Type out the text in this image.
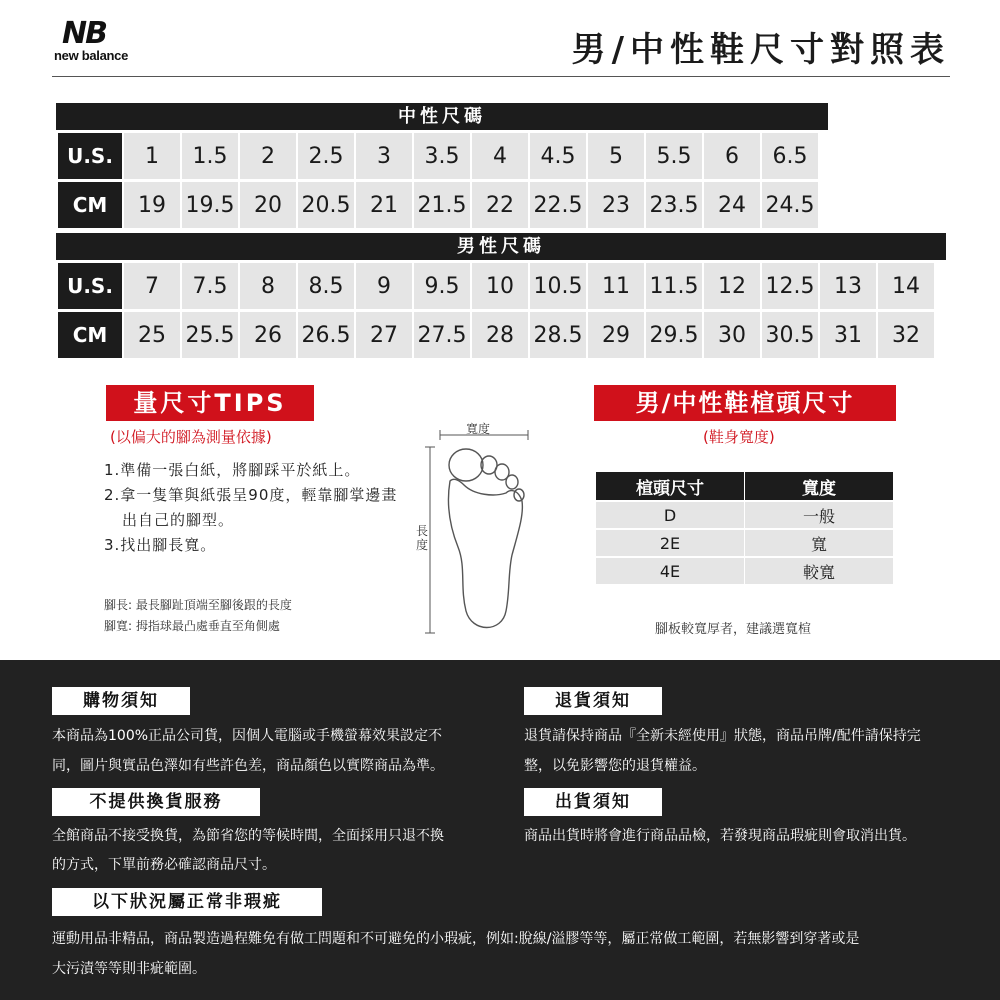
NB
new balance	男/中性鞋尺寸對照表
中性尺碼
U.S.	1	1.5	2	2.5	3	3.5	4	4.5	5	5.5	6	6.5
CM	19	19.5	20	20.5	21	21.5	22	22.5	23	23.5	24	24.5
男性尺碼
U.S.	7	7.5	8	8.5	9	9.5	10	10.5	11	11.5	12	12.5	13	14
CM	25	25.5	26	26.5	27	27.5	28	28.5	29	29.5	30	30.5	31	32
量尺寸TIPS
(以偏大的腳為測量依據)
1.準備一張白紙，將腳踩平於紙上。
2.拿一隻筆與紙張呈90度，輕靠腳掌邊畫出自己的腳型。
3.找出腳長寬。
腳長: 最長腳趾頂端至腳後跟的長度
腳寬: 拇指球最凸處垂直至角側處
寬度
長度
男/中性鞋楦頭尺寸
(鞋身寬度)
楦頭尺寸	寬度
D	一般
2E	寬
4E	較寬
腳板較寬厚者，建議選寬楦
購物須知
本商品為100%正品公司貨，因個人電腦或手機螢幕效果設定不
同，圖片與實品色澤如有些許色差，商品顏色以實際商品為準。
退貨須知
退貨請保持商品『全新未經使用』狀態，商品吊牌/配件請保持完
整，以免影響您的退貨權益。
不提供換貨服務
全館商品不接受換貨，為節省您的等候時間，全面採用只退不換
的方式，下單前務必確認商品尺寸。
出貨須知
商品出貨時將會進行商品品檢，若發現商品瑕疵則會取消出貨。
以下狀況屬正常非瑕疵
運動用品非精品，商品製造過程難免有做工問題和不可避免的小瑕疵，例如:脫線/溢膠等等，屬正常做工範圍，若無影響到穿著或是
大污漬等等則非疵範圍。
